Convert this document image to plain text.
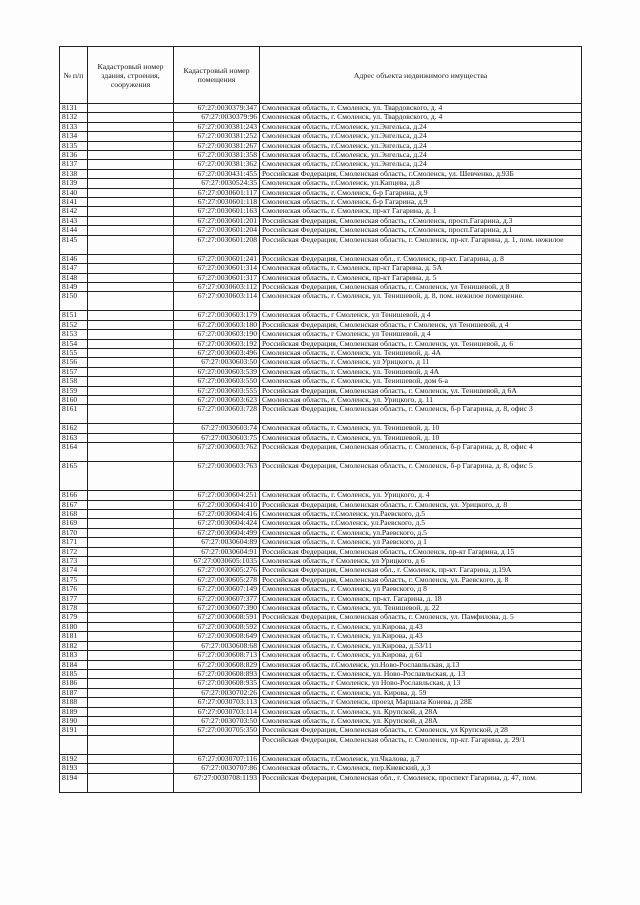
№ п/п	Кадастровый номер здания, строения, сооружения	Кадастровый номер помещения	Адрес объекта недвижимого имущества
8131		67:27:0030379:347	Смоленская область, г. Смоленск, ул. Твардовского, д. 4
8132		67:27:0030379:96	Смоленская область, г. Смоленск, ул. Твардовского, д. 4
8133		67:27:0030381:243	Смоленская область, г.Смоленск, ул.Энгельса, д.24
8134		67:27:0030381:252	Смоленская область, г.Смоленск, ул.Энгельса, д.24
8135		67:27:0030381:267	Смоленская область, г.Смоленск, ул.Энгельса, д.24
8136		67:27:0030381:358	Смоленская область, г.Смоленск, ул.Энгельса, д.24
8137		67:27:0030381:362	Смоленская область, г.Смоленск, ул.Энгельса, д.24
8138		67:27:0030431:455	Российская Федерация, Смоленская область, г.Смоленск, ул. Шевченко, д.93Б
8139		67:27:0030524:35	Смоленская область, г.Смоленск, ул.Капцева, д.8
8140		67:27:0030601:117	Смоленская область, г. Смоленск, б-р Гагарина, д.9
8141		67:27:0030601:118	Смоленская область, г. Смоленск, б-р Гагарина, д.9
8142		67:27:0030601:163	Смоленская область, г. Смоленск, пр-кт Гагарина, д. 1
8143		67:27:0030601:201	Российская Федерация, Смоленская область, г.Смоленск, просп.Гагарина, д.3
8144		67:27:0030601:204	Российская Федерация, Смоленская область, г.Смоленск, просп.Гагарина, д.1
8145		67:27:0030601:208	Российская Федерация, Смоленская область, г. Смоленск, пр-кт. Гагарина, д. 1, пом. нежилое
8146		67:27:0030601:241	Российская Федерация, Смоленская обл., г. Смоленск, пр-кт. Гагарина, д. 8
8147		67:27:0030601:314	Смоленская область, г. Смоленск, пр-кт Гагарина, д. 5А
8148		67:27:0030601:317	Смоленская область, г. Смоленск, пр-кт Гагарина, д. 5
8149		67:27:0030603:112	Российская Федерация, Смоленская область, г. Смоленск, ул Тенишевой, д 8
8150		67:27:0030603:114	Смоленская область, г. Смоленск, ул. Тенишевой, д. 8, пом. нежилое помещение.
8151		67:27:0030603:179	Смоленская область, г Смоленск, ул Тенишевой, д 4
8152		67:27:0030603:180	Российская Федерация, Смоленская область, г Смоленск, ул Тенишевой, д 4
8153		67:27:0030603:190	Смоленская область, г Смоленск, ул Тенишевой, д 4
8154		67:27:0030603:192	Российская Федерация, Смоленская область, г. Смоленск, ул. Тенишевой, д. 6
8155		67:27:0030603:496	Смоленская область, г. Смоленск, ул. Тенишевой, д. 4А
8156		67:27:0030603:50	Смоленская область, г. Смоленск, ул Урицкого, д 11
8157		67:27:0030603:539	Смоленская область, г. Смоленск, ул. Тенишевой, д 4А
8158		67:27:0030603:550	Смоленская область, г. Смоленск, ул. Тенишевой, дом 6-а
8159		67:27:0030603:555	Российская Федерация, Смоленская область, г. Смоленск, ул. Тенишевой, д 6А
8160		67:27:0030603:623	Смоленская область, г. Смоленск, ул. Урицкого, д. 11
8161		67:27:0030603:728	Российская Федерация, Смоленская область, г. Смоленск, б-р Гагарина, д. 8, офис 3
8162		67:27:0030603:74	Смоленская область, г. Смоленск, ул. Тенишевой, д. 10
8163		67:27:0030603:75	Смоленская область, г. Смоленск, ул. Тенишевой, д. 10
8164		67:27:0030603:762	Российская Федерация, Смоленская область, г. Смоленск, б-р Гагарина, д. 8, офис 4
8165		67:27:0030603:763	Российская Федерация, Смоленская область, г. Смоленск, б-р Гагарина, д. 8, офис 5
8166		67:27:0030604:251	Смоленская область, г. Смоленск, ул. Урицкого, д. 4
8167		67:27:0030604:410	Российская Федерация, Смоленская область, г. Смоленск, ул. Урицкого, д. 8
8168		67:27:0030604:416	Смоленская область, г.Смоленск, ул.Раевского, д.5
8169		67:27:0030604:424	Смоленская область, г.Смоленск, ул.Раевского, д.5
8170		67:27:0030604:499	Смоленская область, г. Смоленск, ул.Раевского, д.5
8171		67:27:0030604:89	Смоленская область, г. Смоленск, ул Раевского, д 1
8172		67:27:0030604:91	Российская Федерация, Смоленская область, г.Смоленск, пр-кт Гагарина, д 15
8173		67:27:0030605:1035	Смоленская область, г Смоленск, ул Урицкого, д 6
8174		67:27:0030605:276	Российская Федерация, Смоленская обл., г. Смоленск, пр-кт. Гагарина, д.19А
8175		67:27:0030605:278	Российская Федерация, Смоленская область, г. Смоленск, ул. Раевского, д. 8
8176		67:27:0030607:149	Смоленская область, г. Смоленск, ул Раевского, д 8
8177		67:27:0030607:377	Смоленская область, г. Смоленск, пр-кт. Гагарина, д. 18
8178		67:27:0030607:390	Смоленская область, г. Смоленск, ул. Тенишевой, д. 22
8179		67:27:0030608:591	Российская Федерация, Смоленская область, г. Смоленск, ул. Памфилова, д. 5
8180		67:27:0030608:592	Смоленская область, г. Смоленск, ул.Кирова, д.43
8181		67:27:0030608:649	Смоленская область, г. Смоленск, ул.Кирова, д.43
8182		67:27:0030608:68	Смоленская область, г. Смоленск, ул.Кирова, д.53/11
8183		67:27:0030608:713	Смоленская область, г. Смоленск, ул.Кирова, д 61
8184		67:27:0030608:829	Смоленская область, г.Смоленск, ул.Ново-Рославльская, д.13
8185		67:27:0030608:893	Смоленская область, г. Смоленск, ул. Ново-Рославльская, д. 13
8186		67:27:0030608:935	Смоленская область, г Смоленск, ул Ново-Рославльская, д 13
8187		67:27:0030702:26	Смоленская область, г. Смоленск, ул. Кирова, д. 59
8188		67:27:0030703:113	Смоленская область, г Смоленск, проезд Маршала Конева, д 28Е
8189		67:27:0030703:114	Смоленская область, г. Смоленск, ул. Крупской, д 28А
8190		67:27:0030703:50	Смоленская область, г. Смоленск, ул. Крупской, д 28А
8191		67:27:0030705:350	Российская Федерация, Смоленская область, г. Смоленск, ул Крупской, д 28
			Российская Федерация, Смоленская область, г. Смоленск, пр-кт. Гагарина, д. 29/1
8192		67:27:0030707:116	Смоленская область, г.Смоленск, ул.Чкалова, д.7
8193		67:27:0030707:86	Смоленская область, г. Смоленск, пер.Киевский, д.3
8194		67:27:0030708:1193	Российская Федерация, Смоленская обл., г. Смоленск, проспект Гагарина, д. 47, пом.
